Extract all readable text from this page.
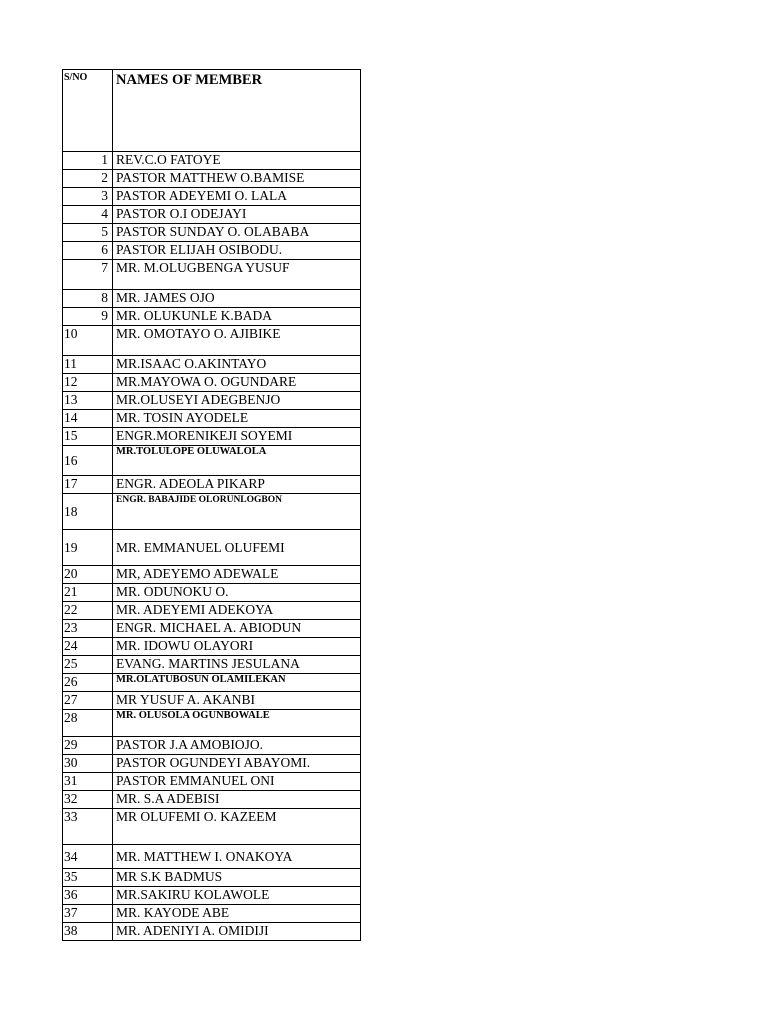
S/NO	NAMES OF MEMBER
1	REV.C.O FATOYE
2	PASTOR MATTHEW O.BAMISE
3	PASTOR ADEYEMI O. LALA
4	PASTOR O.I ODEJAYI
5	PASTOR SUNDAY O. OLABABA
6	PASTOR ELIJAH OSIBODU.
7	MR. M.OLUGBENGA YUSUF
8	MR. JAMES OJO
9	MR. OLUKUNLE K.BADA
10	MR. OMOTAYO O. AJIBIKE
11	MR.ISAAC O.AKINTAYO
12	MR.MAYOWA O. OGUNDARE
13	MR.OLUSEYI ADEGBENJO
14	MR. TOSIN AYODELE
15	ENGR.MORENIKEJI SOYEMI
16	MR.TOLULOPE OLUWALOLA
17	ENGR. ADEOLA PIKARP
18	ENGR. BABAJIDE OLORUNLOGBON
19	MR. EMMANUEL OLUFEMI
20	MR, ADEYEMO ADEWALE
21	MR. ODUNOKU O.
22	MR. ADEYEMI ADEKOYA
23	ENGR. MICHAEL A. ABIODUN
24	MR. IDOWU OLAYORI
25	EVANG. MARTINS JESULANA
26	MR.OLATUBOSUN OLAMILEKAN
27	MR YUSUF A. AKANBI
28	MR. OLUSOLA OGUNBOWALE
29	PASTOR J.A AMOBIOJO.
30	PASTOR OGUNDEYI ABAYOMI.
31	PASTOR EMMANUEL ONI
32	MR. S.A ADEBISI
33	MR OLUFEMI O. KAZEEM
34	MR. MATTHEW I. ONAKOYA
35	MR S.K BADMUS
36	MR.SAKIRU KOLAWOLE
37	MR. KAYODE ABE
38	MR. ADENIYI A. OMIDIJI
